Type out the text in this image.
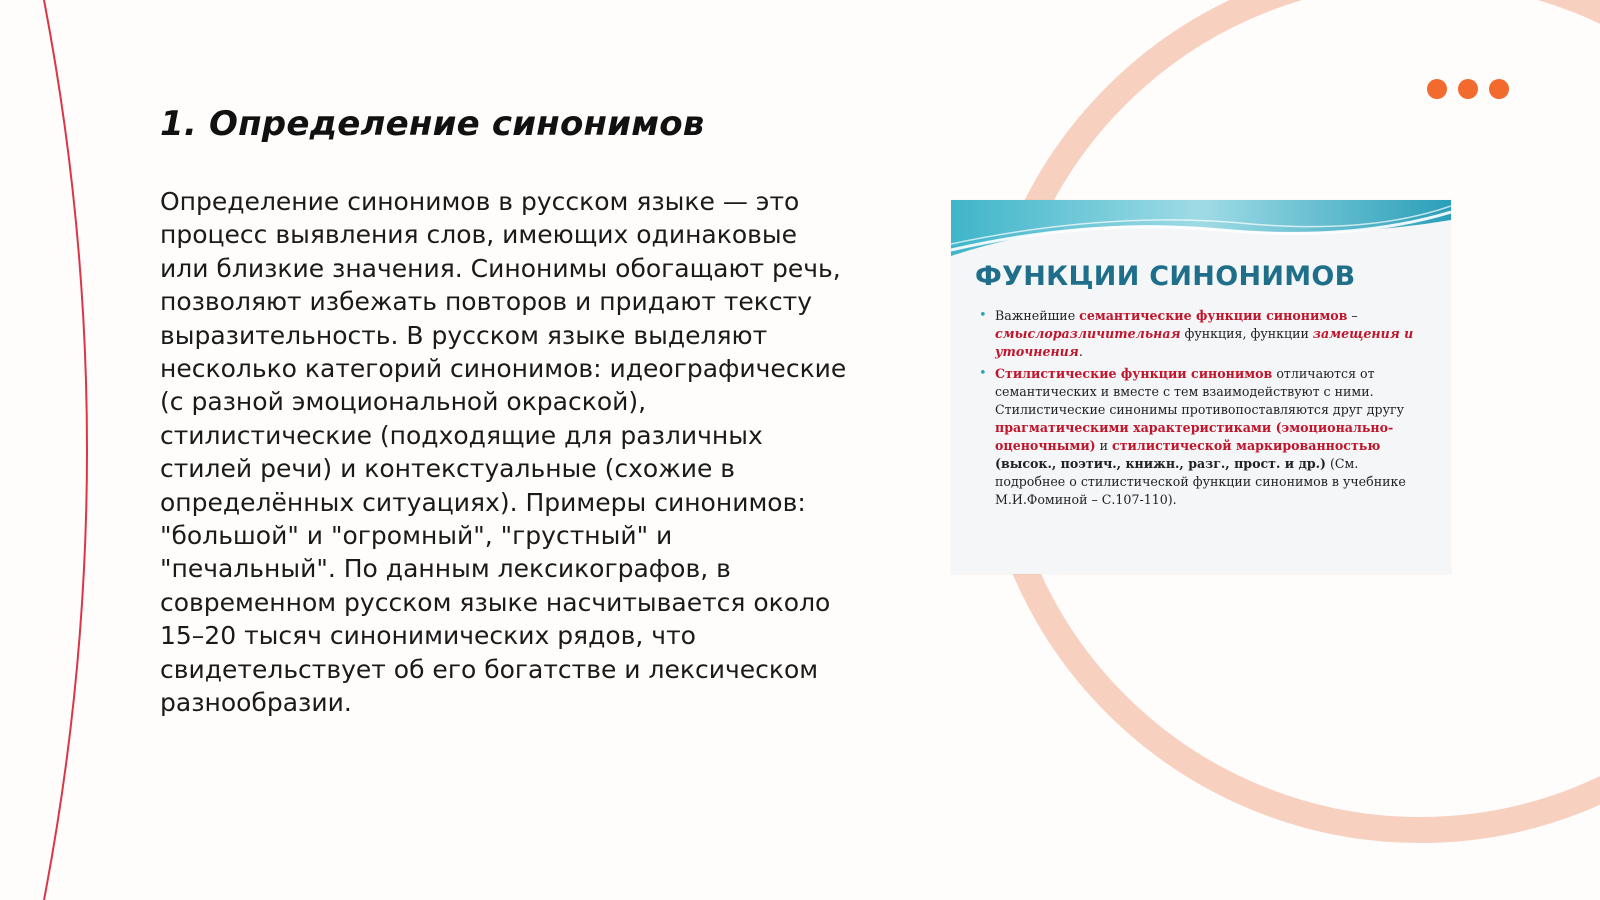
1. Определение синонимов

Определение синонимов в русском языке — это процесс выявления слов, имеющих одинаковые или близкие значения. Синонимы обогащают речь, позволяют избежать повторов и придают тексту выразительность. В русском языке выделяют несколько категорий синонимов: идеографические (с разной эмоциональной окраской), стилистические (подходящие для различных стилей речи) и контекстуальные (схожие в определённых ситуациях). Примеры синонимов: "большой" и "огромный", "грустный" и "печальный". По данным лексикографов, в современном русском языке насчитывается около 15–20 тысяч синонимических рядов, что свидетельствует об его богатстве и лексическом разнообразии.

ФУНКЦИИ СИНОНИМОВ
• Важнейшие семантические функции синонимов – смыслоразличительная функция, функции замещения и уточнения.
• Стилистические функции синонимов отличаются от семантических и вместе с тем взаимодействуют с ними. Стилистические синонимы противопоставляются друг другу прагматическими характеристиками (эмоционально-оценочными) и стилистической маркированностью (высок., поэтич., книжн., разг., прост. и др.) (См. подробнее о стилистической функции синонимов в учебнике М.И.Фоминой – С.107-110).
